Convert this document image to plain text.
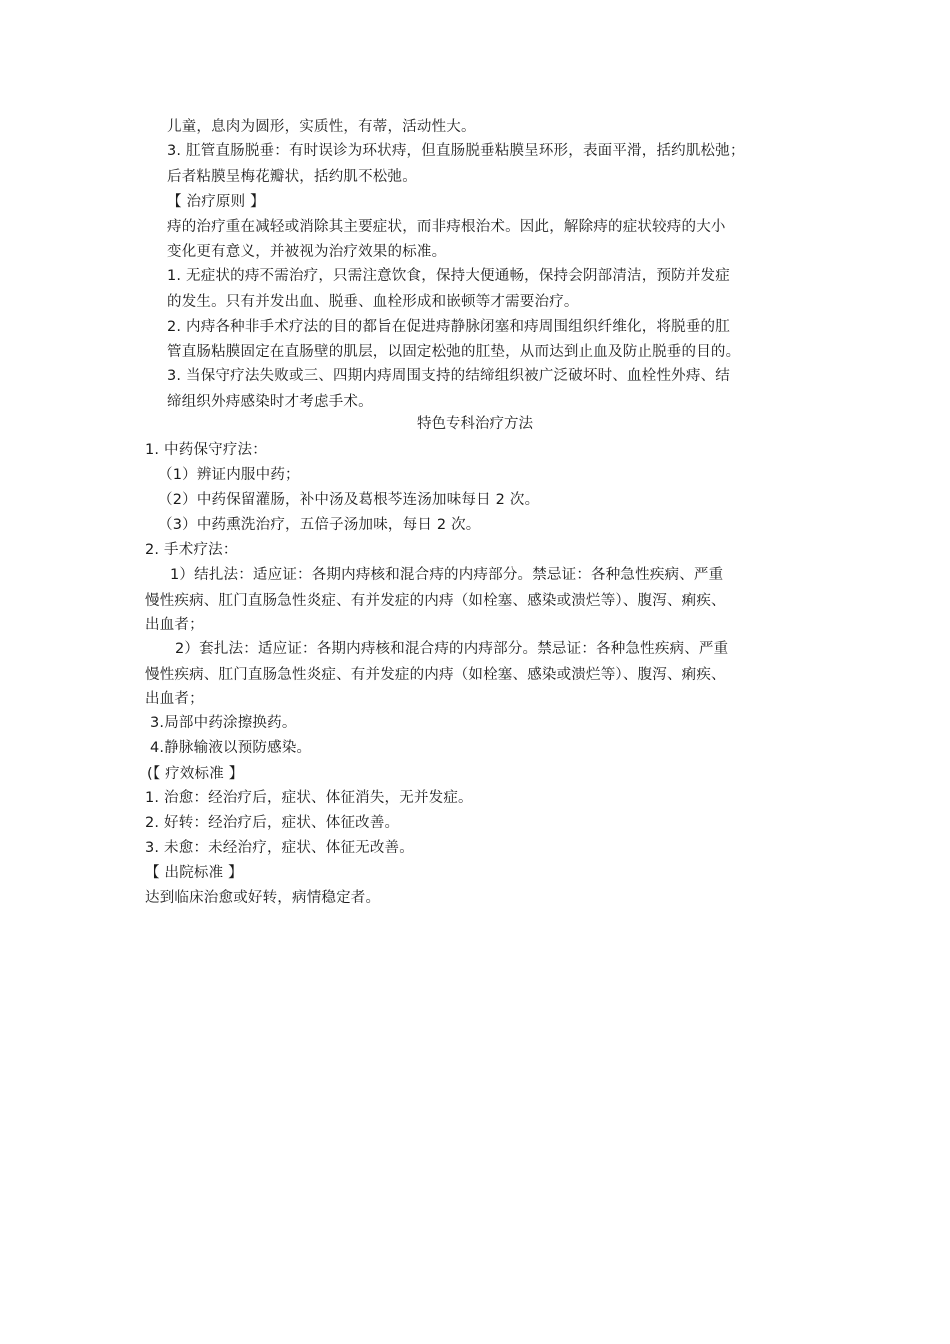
儿童，息肉为圆形，实质性，有蒂，活动性大。
3. 肛管直肠脱垂：有时误诊为环状痔，但直肠脱垂粘膜呈环形，表面平滑，括约肌松弛；
后者粘膜呈梅花瓣状，括约肌不松弛。
【 治疗原则 】
痔的治疗重在减轻或消除其主要症状，而非痔根治术。因此，解除痔的症状较痔的大小
变化更有意义，并被视为治疗效果的标准。
1. 无症状的痔不需治疗，只需注意饮食，保持大便通畅，保持会阴部清洁，预防并发症
的发生。只有并发出血、脱垂、血栓形成和嵌顿等才需要治疗。
2. 内痔各种非手术疗法的目的都旨在促进痔静脉闭塞和痔周围组织纤维化，将脱垂的肛
管直肠粘膜固定在直肠壁的肌层，以固定松弛的肛垫，从而达到止血及防止脱垂的目的。
3. 当保守疗法失败或三、四期内痔周围支持的结缔组织被广泛破坏时、血栓性外痔、结
缔组织外痔感染时才考虑手术。
特色专科治疗方法
1. 中药保守疗法：
（1）辨证内服中药；
（2）中药保留灌肠，补中汤及葛根芩连汤加味每日 2 次。
（3）中药熏洗治疗，五倍子汤加味，每日 2 次。
2. 手术疗法：
1）结扎法：适应证：各期内痔核和混合痔的内痔部分。禁忌证：各种急性疾病、严重
慢性疾病、肛门直肠急性炎症、有并发症的内痔（如栓塞、感染或溃烂等）、腹泻、痢疾、
出血者；
2）套扎法：适应证：各期内痔核和混合痔的内痔部分。禁忌证：各种急性疾病、严重
慢性疾病、肛门直肠急性炎症、有并发症的内痔（如栓塞、感染或溃烂等）、腹泻、痢疾、
出血者；
3.局部中药涂擦换药。
4.静脉输液以预防感染。
(【 疗效标准 】
1. 治愈：经治疗后，症状、体征消失，无并发症。
2. 好转：经治疗后，症状、体征改善。
3. 未愈：未经治疗，症状、体征无改善。
【 出院标准 】
达到临床治愈或好转，病情稳定者。
